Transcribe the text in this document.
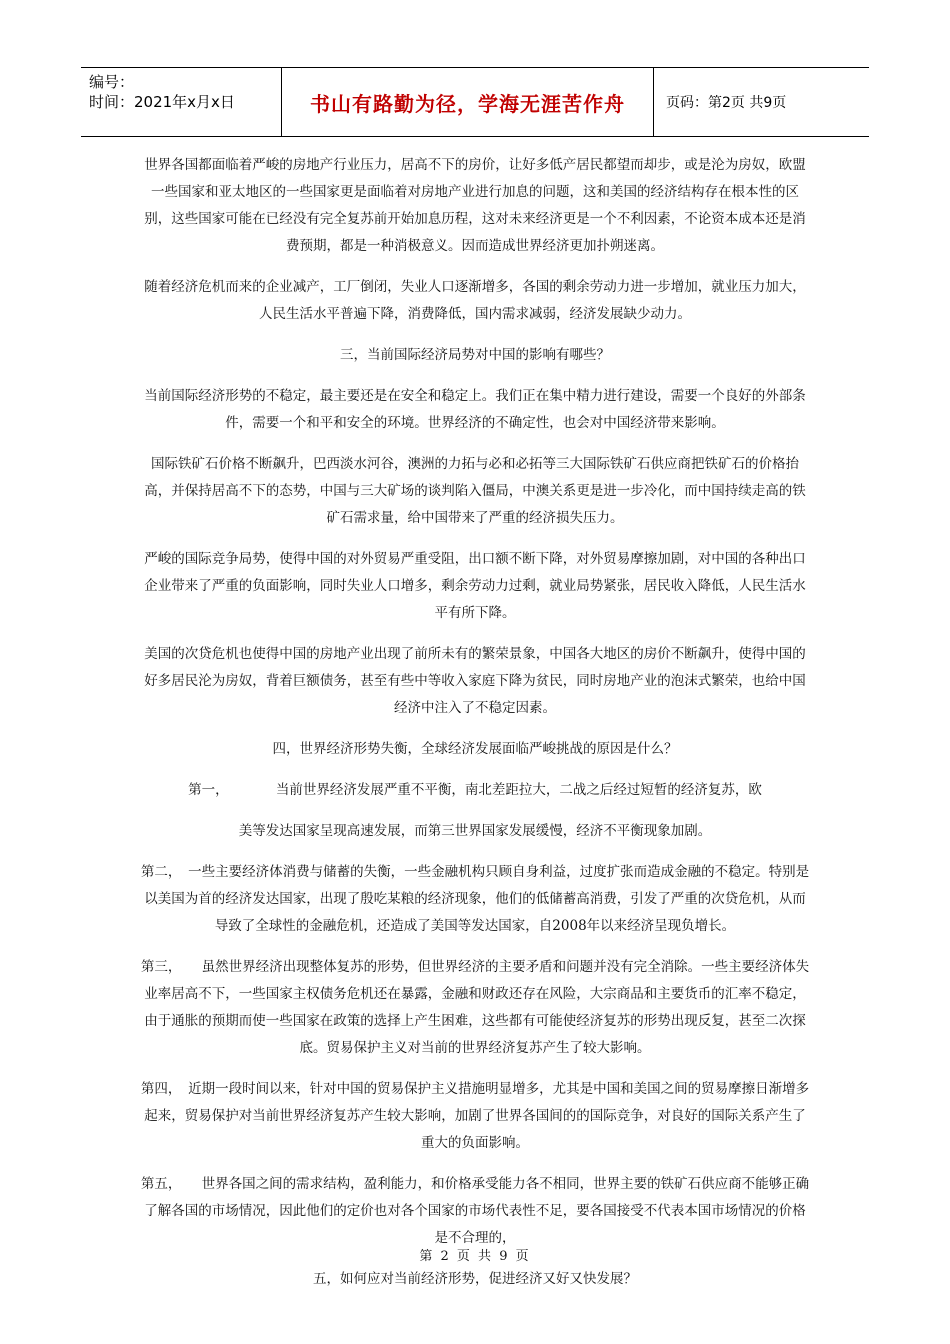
编号：
时间：2021年x月x日	书山有路勤为径，学海无涯苦作舟	页码：第2页 共9页

世界各国都面临着严峻的房地产行业压力，居高不下的房价，让好多低产居民都望而却步，或是沦为房奴，欧盟一些国家和亚太地区的一些国家更是面临着对房地产业进行加息的问题，这和美国的经济结构存在根本性的区别，这些国家可能在已经没有完全复苏前开始加息历程，这对未来经济更是一个不利因素，不论资本成本还是消费预期，都是一种消极意义。因而造成世界经济更加扑朔迷离。

随着经济危机而来的企业减产，工厂倒闭，失业人口逐渐增多，各国的剩余劳动力进一步增加，就业压力加大，人民生活水平普遍下降，消费降低，国内需求减弱，经济发展缺少动力。

三，当前国际经济局势对中国的影响有哪些？

当前国际经济形势的不稳定，最主要还是在安全和稳定上。我们正在集中精力进行建设，需要一个良好的外部条件，需要一个和平和安全的环境。世界经济的不确定性，也会对中国经济带来影响。

国际铁矿石价格不断飙升，巴西淡水河谷，澳洲的力拓与必和必拓等三大国际铁矿石供应商把铁矿石的价格抬高，并保持居高不下的态势，中国与三大矿场的谈判陷入僵局，中澳关系更是进一步冷化，而中国持续走高的铁矿石需求量，给中国带来了严重的经济损失压力。

严峻的国际竞争局势，使得中国的对外贸易严重受阻，出口额不断下降，对外贸易摩擦加剧，对中国的各种出口企业带来了严重的负面影响，同时失业人口增多，剩余劳动力过剩，就业局势紧张，居民收入降低，人民生活水平有所下降。

美国的次贷危机也使得中国的房地产业出现了前所未有的繁荣景象，中国各大地区的房价不断飙升，使得中国的好多居民沦为房奴，背着巨额债务，甚至有些中等收入家庭下降为贫民，同时房地产业的泡沫式繁荣，也给中国经济中注入了不稳定因素。

四，世界经济形势失衡，全球经济发展面临严峻挑战的原因是什么？

第一，　　　　当前世界经济发展严重不平衡，南北差距拉大，二战之后经过短暂的经济复苏，欧

美等发达国家呈现高速发展，而第三世界国家发展缓慢，经济不平衡现象加剧。

第二，　一些主要经济体消费与储蓄的失衡，一些金融机构只顾自身利益，过度扩张而造成金融的不稳定。特别是以美国为首的经济发达国家，出现了殷吃某粮的经济现象，他们的低储蓄高消费，引发了严重的次贷危机，从而导致了全球性的金融危机，还造成了美国等发达国家，自2008年以来经济呈现负增长。

第三，　　虽然世界经济出现整体复苏的形势，但世界经济的主要矛盾和问题并没有完全消除。一些主要经济体失业率居高不下，一些国家主权债务危机还在暴露，金融和财政还存在风险，大宗商品和主要货币的汇率不稳定，由于通胀的预期而使一些国家在政策的选择上产生困难，这些都有可能使经济复苏的形势出现反复，甚至二次探底。贸易保护主义对当前的世界经济复苏产生了较大影响。

第四，　近期一段时间以来，针对中国的贸易保护主义措施明显增多，尤其是中国和美国之间的贸易摩擦日渐增多起来，贸易保护对当前世界经济复苏产生较大影响，加剧了世界各国间的的国际竞争，对良好的国际关系产生了重大的负面影响。

第五，　　世界各国之间的需求结构，盈利能力，和价格承受能力各不相同，世界主要的铁矿石供应商不能够正确了解各国的市场情况，因此他们的定价也对各个国家的市场代表性不足，要各国接受不代表本国市场情况的价格是不合理的，

五，如何应对当前经济形势，促进经济又好又快发展？

第 2 页 共 9 页
